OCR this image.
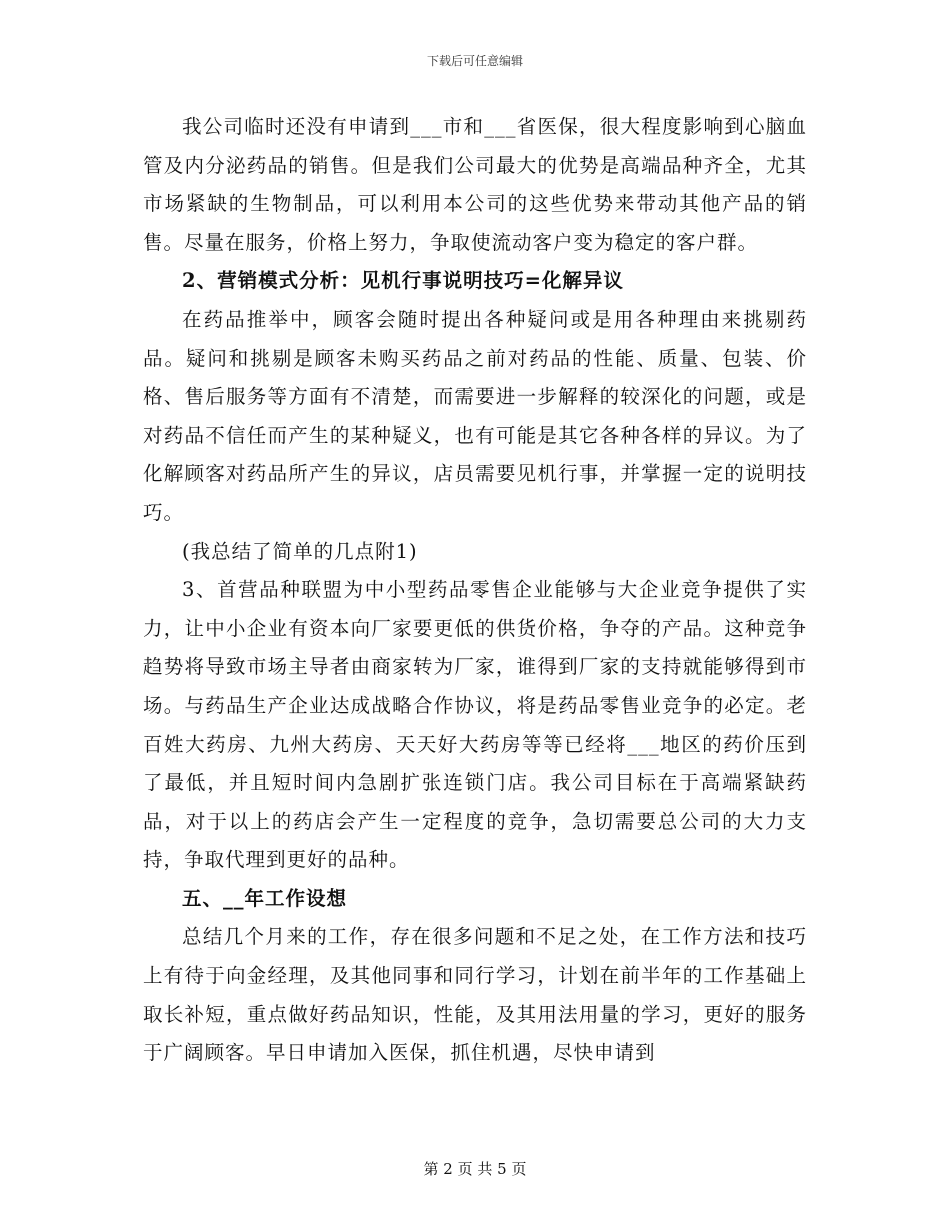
下载后可任意编辑

我公司临时还没有申请到___市和___省医保，很大程度影响到心脑血管及内分泌药品的销售。但是我们公司最大的优势是高端品种齐全，尤其市场紧缺的生物制品，可以利用本公司的这些优势来带动其他产品的销售。尽量在服务，价格上努力，争取使流动客户变为稳定的客户群。

2、营销模式分析：见机行事说明技巧=化解异议

在药品推举中，顾客会随时提出各种疑问或是用各种理由来挑剔药品。疑问和挑剔是顾客未购买药品之前对药品的性能、质量、包装、价格、售后服务等方面有不清楚，而需要进一步解释的较深化的问题，或是对药品不信任而产生的某种疑义，也有可能是其它各种各样的异议。为了化解顾客对药品所产生的异议，店员需要见机行事，并掌握一定的说明技巧。

(我总结了简单的几点附1)

3、首营品种联盟为中小型药品零售企业能够与大企业竞争提供了实力，让中小企业有资本向厂家要更低的供货价格，争夺的产品。这种竞争趋势将导致市场主导者由商家转为厂家，谁得到厂家的支持就能够得到市场。与药品生产企业达成战略合作协议，将是药品零售业竞争的必定。老百姓大药房、九州大药房、天天好大药房等等已经将___地区的药价压到了最低，并且短时间内急剧扩张连锁门店。我公司目标在于高端紧缺药品，对于以上的药店会产生一定程度的竞争，急切需要总公司的大力支持，争取代理到更好的品种。

五、__年工作设想

总结几个月来的工作，存在很多问题和不足之处，在工作方法和技巧上有待于向金经理，及其他同事和同行学习，计划在前半年的工作基础上取长补短，重点做好药品知识，性能，及其用法用量的学习，更好的服务于广阔顾客。早日申请加入医保，抓住机遇，尽快申请到

第 2 页 共 5 页
